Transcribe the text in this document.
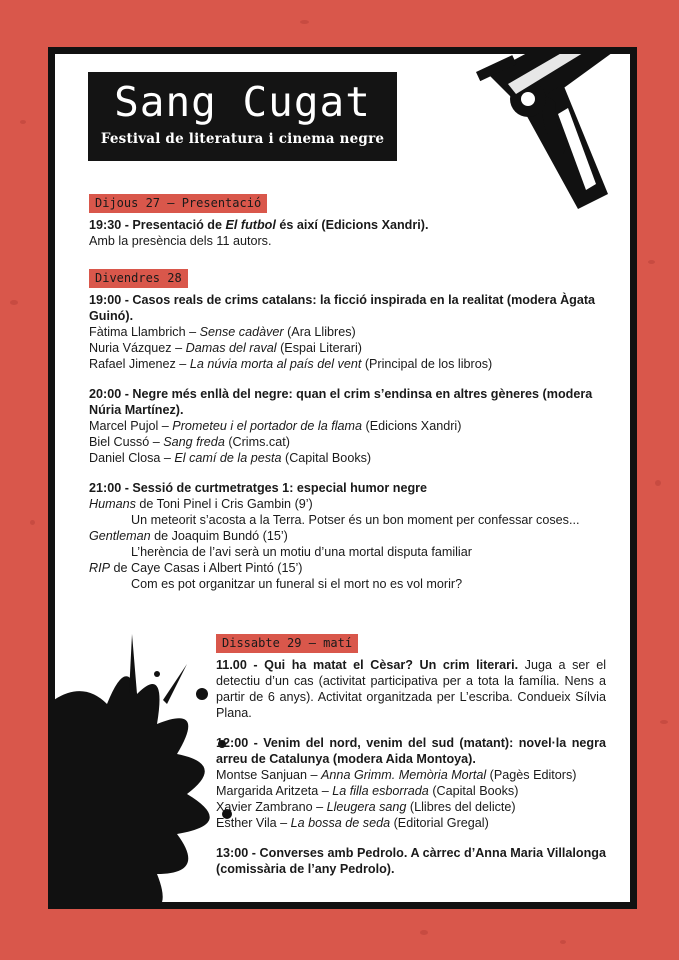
Sang Cugat
Festival de literatura i cinema negre
Dijous 27 – Presentació
19:30 - Presentació de El futbol és així (Edicions Xandri).
Amb la presència dels 11 autors.
Divendres 28
19:00 - Casos reals de crims catalans: la ficció inspirada en la realitat (modera Àgata Guinó).
Fàtima Llambrich – Sense cadàver (Ara Llibres)
Nuria Vázquez – Damas del raval (Espai Literari)
Rafael Jimenez – La núvia morta al país del vent (Principal de los libros)
20:00 - Negre més enllà del negre: quan el crim s’endinsa en altres gèneres (modera Núria Martínez).
Marcel Pujol – Prometeu i el portador de la flama (Edicions Xandri)
Biel Cussó – Sang freda (Crims.cat)
Daniel Closa – El camí de la pesta (Capital Books)
21:00 - Sessió de curtmetratges 1: especial humor negre
Humans de Toni Pinel i Cris Gambin (9’)
Un meteorit s’acosta a la Terra. Potser és un bon moment per confessar coses...
Gentleman de Joaquim Bundó (15’)
L’herència de l’avi serà un motiu d’una mortal disputa familiar
RIP de Caye Casas i Albert Pintó (15’)
Com es pot organitzar un funeral si el mort no es vol morir?
Dissabte 29 – matí
11.00 - Qui ha matat el Cèsar? Un crim literari. Juga a ser el detectiu d’un cas (activitat participativa per a tota la família. Nens a partir de 6 anys). Activitat organitzada per L’escriba. Condueix Sílvia Plana.
12:00 - Venim del nord, venim del sud (matant): novel·la negra arreu de Catalunya (modera Aida Montoya).
Montse Sanjuan – Anna Grimm. Memòria Mortal (Pagès Editors)
Margarida Aritzeta – La filla esborrada (Capital Books)
Xavier Zambrano – Lleugera sang (Llibres del delicte)
Esther Vila – La bossa de seda (Editorial Gregal)
13:00 - Converses amb Pedrolo. A càrrec d’Anna Maria Villalonga (comissària de l’any Pedrolo).
